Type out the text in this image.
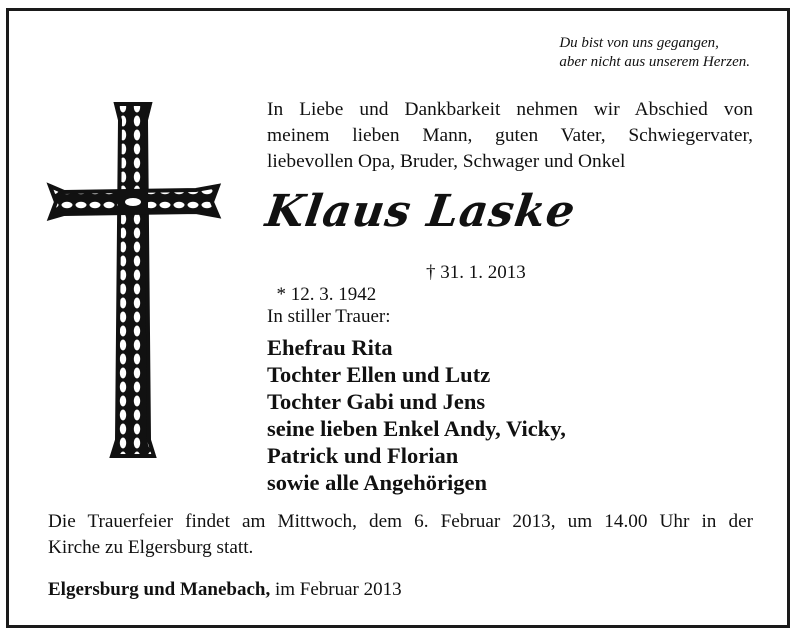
Du bist von uns gegangen,
aber nicht aus unserem Herzen.
In Liebe und Dankbarkeit nehmen wir Abschied von
meinem lieben Mann, guten Vater, Schwiegervater,
liebevollen Opa, Bruder, Schwager und Onkel
Klaus Laske

* 12. 3. 1942

† 31. 1. 2013

In stiller Trauer:
Ehefrau Rita
Tochter Ellen und Lutz
Tochter Gabi und Jens
seine lieben Enkel Andy, Vicky,
Patrick und Florian
sowie alle Angehörigen
Die Trauerfeier findet am Mittwoch, dem 6. Februar 2013, um 14.00 Uhr in der
Kirche zu Elgersburg statt.
Elgersburg und Manebach, im Februar 2013
